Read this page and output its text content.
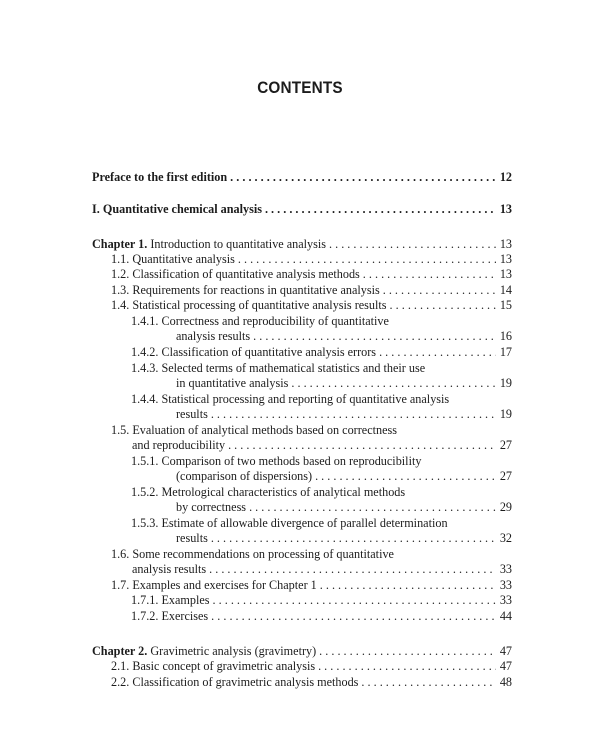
CONTENTS
Preface to the first edition . . .	12
I. Quantitative chemical analysis . . .	13
Chapter 1. Introduction to quantitative analysis . . .	13
1.1. Quantitative analysis . . .	13
1.2. Classification of quantitative analysis methods . . .	13
1.3. Requirements for reactions in quantitative analysis . . .	14
1.4. Statistical processing of quantitative analysis results . . .	15
1.4.1. Correctness and reproducibility of quantitative
analysis results . . .	16
1.4.2. Classification of quantitative analysis errors . . .	17
1.4.3. Selected terms of mathematical statistics and their use
in quantitative analysis . . .	19
1.4.4. Statistical processing and reporting of quantitative analysis
results . . .	19
1.5. Evaluation of analytical methods based on correctness
and reproducibility . . .	27
1.5.1. Comparison of two methods based on reproducibility
(comparison of dispersions) . . .	27
1.5.2. Metrological characteristics of analytical methods
by correctness . . .	29
1.5.3. Estimate of allowable divergence of parallel determination
results . . .	32
1.6. Some recommendations on processing of quantitative
analysis results . . .	33
1.7. Examples and exercises for Chapter 1 . . .	33
1.7.1. Examples . . .	33
1.7.2. Exercises . . .	44
Chapter 2. Gravimetric analysis (gravimetry) . . .	47
2.1. Basic concept of gravimetric analysis . . .	47
2.2. Classification of gravimetric analysis methods . . .	48
